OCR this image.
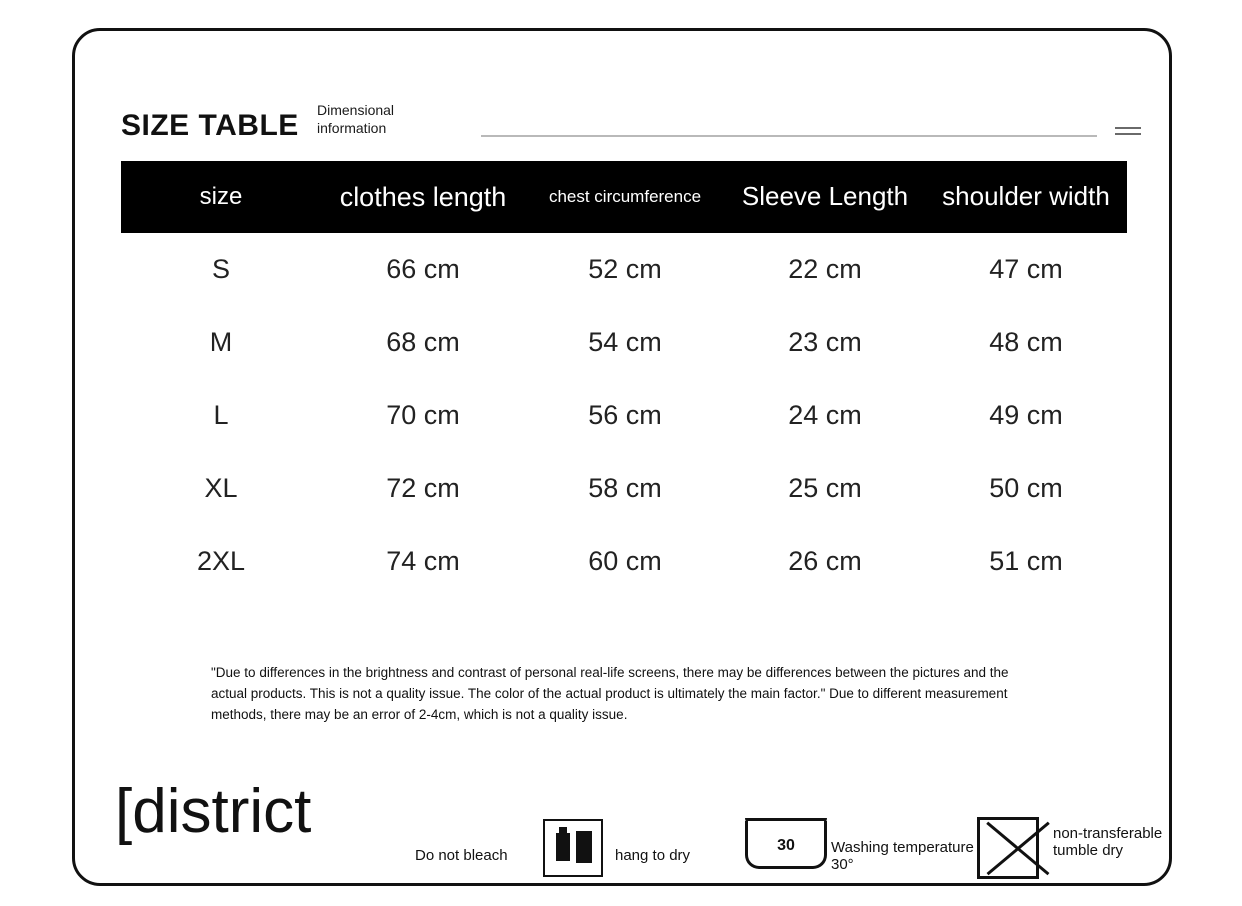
SIZE TABLE Dimensional information
size	clothes length	chest circumference	Sleeve Length	shoulder width
S	66 cm	52 cm	22 cm	47 cm
M	68 cm	54 cm	23 cm	48 cm
L	70 cm	56 cm	24 cm	49 cm
XL	72 cm	58 cm	25 cm	50 cm
2XL	74 cm	60 cm	26 cm	51 cm
"Due to differences in the brightness and contrast of personal real-life screens, there may be differences between the pictures and the actual products. This is not a quality issue. The color of the actual product is ultimately the main factor." Due to different measurement methods, there may be an error of 2-4cm, which is not a quality issue.
[district
Do not bleach	hang to dry
30	Washing temperature 30°
non-transferable tumble dry
